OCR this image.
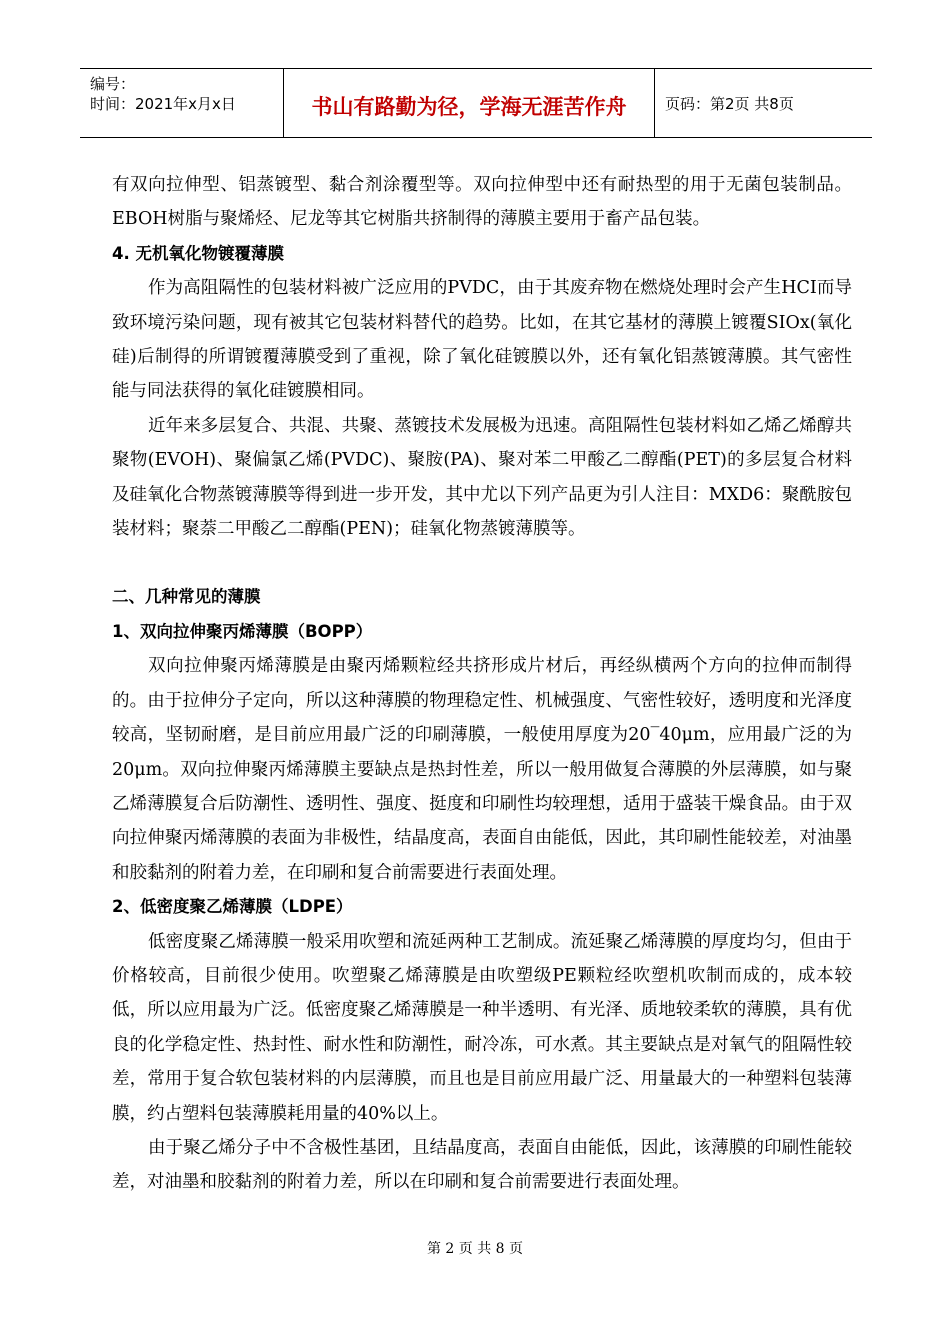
编号：
时间：2021年x月x日	书山有路勤为径，学海无涯苦作舟	页码：第2页 共8页

有双向拉伸型、铝蒸镀型、黏合剂涂覆型等。双向拉伸型中还有耐热型的用于无菌包装制品。EBOH树脂与聚烯烃、尼龙等其它树脂共挤制得的薄膜主要用于畜产品包装。

4. 无机氧化物镀覆薄膜

作为高阻隔性的包装材料被广泛应用的PVDC，由于其废弃物在燃烧处理时会产生HCI而导致环境污染问题，现有被其它包装材料替代的趋势。比如，在其它基材的薄膜上镀覆SIOx(氧化硅)后制得的所谓镀覆薄膜受到了重视，除了氧化硅镀膜以外，还有氧化铝蒸镀薄膜。其气密性能与同法获得的氧化硅镀膜相同。

近年来多层复合、共混、共聚、蒸镀技术发展极为迅速。高阻隔性包装材料如乙烯乙烯醇共聚物(EVOH)、聚偏氯乙烯(PVDC)、聚胺(PA)、聚对苯二甲酸乙二醇酯(PET)的多层复合材料及硅氧化合物蒸镀薄膜等得到进一步开发，其中尤以下列产品更为引人注目：MXD6：聚酰胺包装材料；聚萘二甲酸乙二醇酯(PEN)；硅氧化物蒸镀薄膜等。

二、几种常见的薄膜

1、双向拉伸聚丙烯薄膜（BOPP）

双向拉伸聚丙烯薄膜是由聚丙烯颗粒经共挤形成片材后，再经纵横两个方向的拉伸而制得的。由于拉伸分子定向，所以这种薄膜的物理稳定性、机械强度、气密性较好，透明度和光泽度较高，坚韧耐磨，是目前应用最广泛的印刷薄膜，一般使用厚度为20‾40μm，应用最广泛的为20μm。双向拉伸聚丙烯薄膜主要缺点是热封性差，所以一般用做复合薄膜的外层薄膜，如与聚乙烯薄膜复合后防潮性、透明性、强度、挺度和印刷性均较理想，适用于盛装干燥食品。由于双向拉伸聚丙烯薄膜的表面为非极性，结晶度高，表面自由能低，因此，其印刷性能较差，对油墨和胶黏剂的附着力差，在印刷和复合前需要进行表面处理。

2、低密度聚乙烯薄膜（LDPE）

低密度聚乙烯薄膜一般采用吹塑和流延两种工艺制成。流延聚乙烯薄膜的厚度均匀，但由于价格较高，目前很少使用。吹塑聚乙烯薄膜是由吹塑级PE颗粒经吹塑机吹制而成的，成本较低，所以应用最为广泛。低密度聚乙烯薄膜是一种半透明、有光泽、质地较柔软的薄膜，具有优良的化学稳定性、热封性、耐水性和防潮性，耐冷冻，可水煮。其主要缺点是对氧气的阻隔性较差，常用于复合软包装材料的内层薄膜，而且也是目前应用最广泛、用量最大的一种塑料包装薄膜，约占塑料包装薄膜耗用量的40%以上。

由于聚乙烯分子中不含极性基团，且结晶度高，表面自由能低，因此，该薄膜的印刷性能较差，对油墨和胶黏剂的附着力差，所以在印刷和复合前需要进行表面处理。

第 2 页 共 8 页
